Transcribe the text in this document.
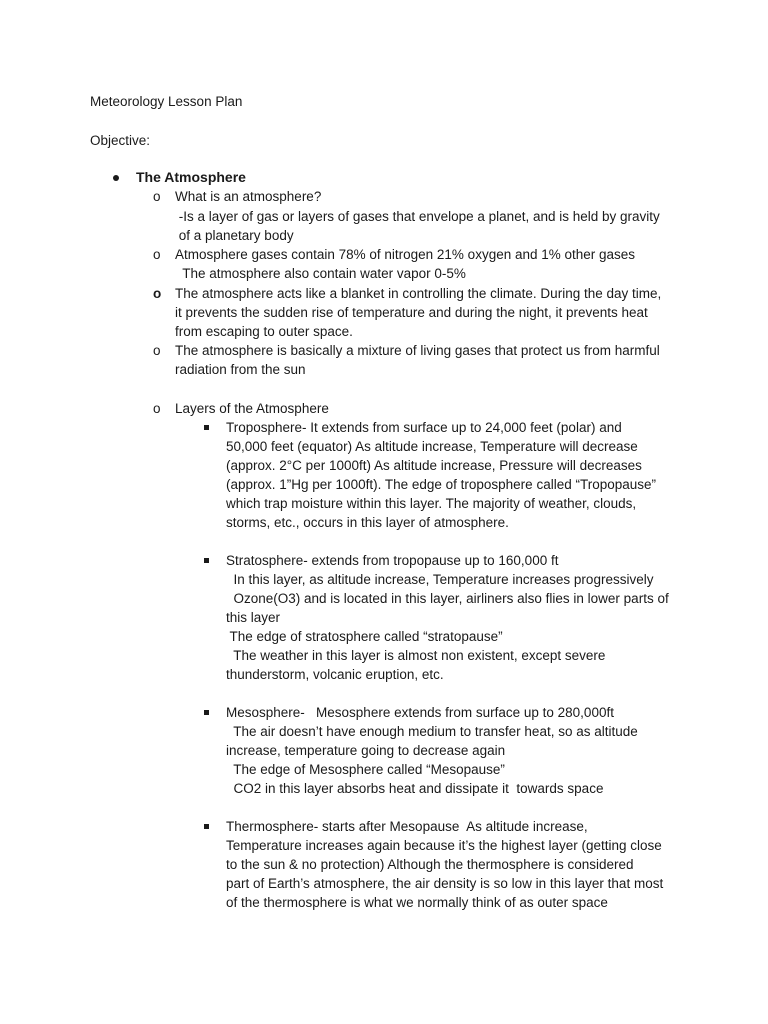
Meteorology Lesson Plan
Objective:
The Atmosphere
o What is an atmosphere?
-Is a layer of gas or layers of gases that envelope a planet, and is held by gravity
of a planetary body
o Atmosphere gases contain 78% of nitrogen 21% oxygen and 1% other gases
The atmosphere also contain water vapor 0-5%
o The atmosphere acts like a blanket in controlling the climate. During the day time,
it prevents the sudden rise of temperature and during the night, it prevents heat
from escaping to outer space.
o The atmosphere is basically a mixture of living gases that protect us from harmful
radiation from the sun
o Layers of the Atmosphere
Troposphere- It extends from surface up to 24,000 feet (polar) and
50,000 feet (equator) As altitude increase, Temperature will decrease
(approx. 2°C per 1000ft) As altitude increase, Pressure will decreases
(approx. 1”Hg per 1000ft). The edge of troposphere called “Tropopause”
which trap moisture within this layer. The majority of weather, clouds,
storms, etc., occurs in this layer of atmosphere.
Stratosphere- extends from tropopause up to 160,000 ft
In this layer, as altitude increase, Temperature increases progressively
Ozone(O3) and is located in this layer, airliners also flies in lower parts of
this layer
The edge of stratosphere called “stratopause”
The weather in this layer is almost non existent, except severe
thunderstorm, volcanic eruption, etc.
Mesosphere-   Mesosphere extends from surface up to 280,000ft
The air doesn’t have enough medium to transfer heat, so as altitude
increase, temperature going to decrease again
The edge of Mesosphere called “Mesopause”
CO2 in this layer absorbs heat and dissipate it  towards space
Thermosphere- starts after Mesopause  As altitude increase,
Temperature increases again because it’s the highest layer (getting close
to the sun & no protection) Although the thermosphere is considered
part of Earth’s atmosphere, the air density is so low in this layer that most
of the thermosphere is what we normally think of as outer space
